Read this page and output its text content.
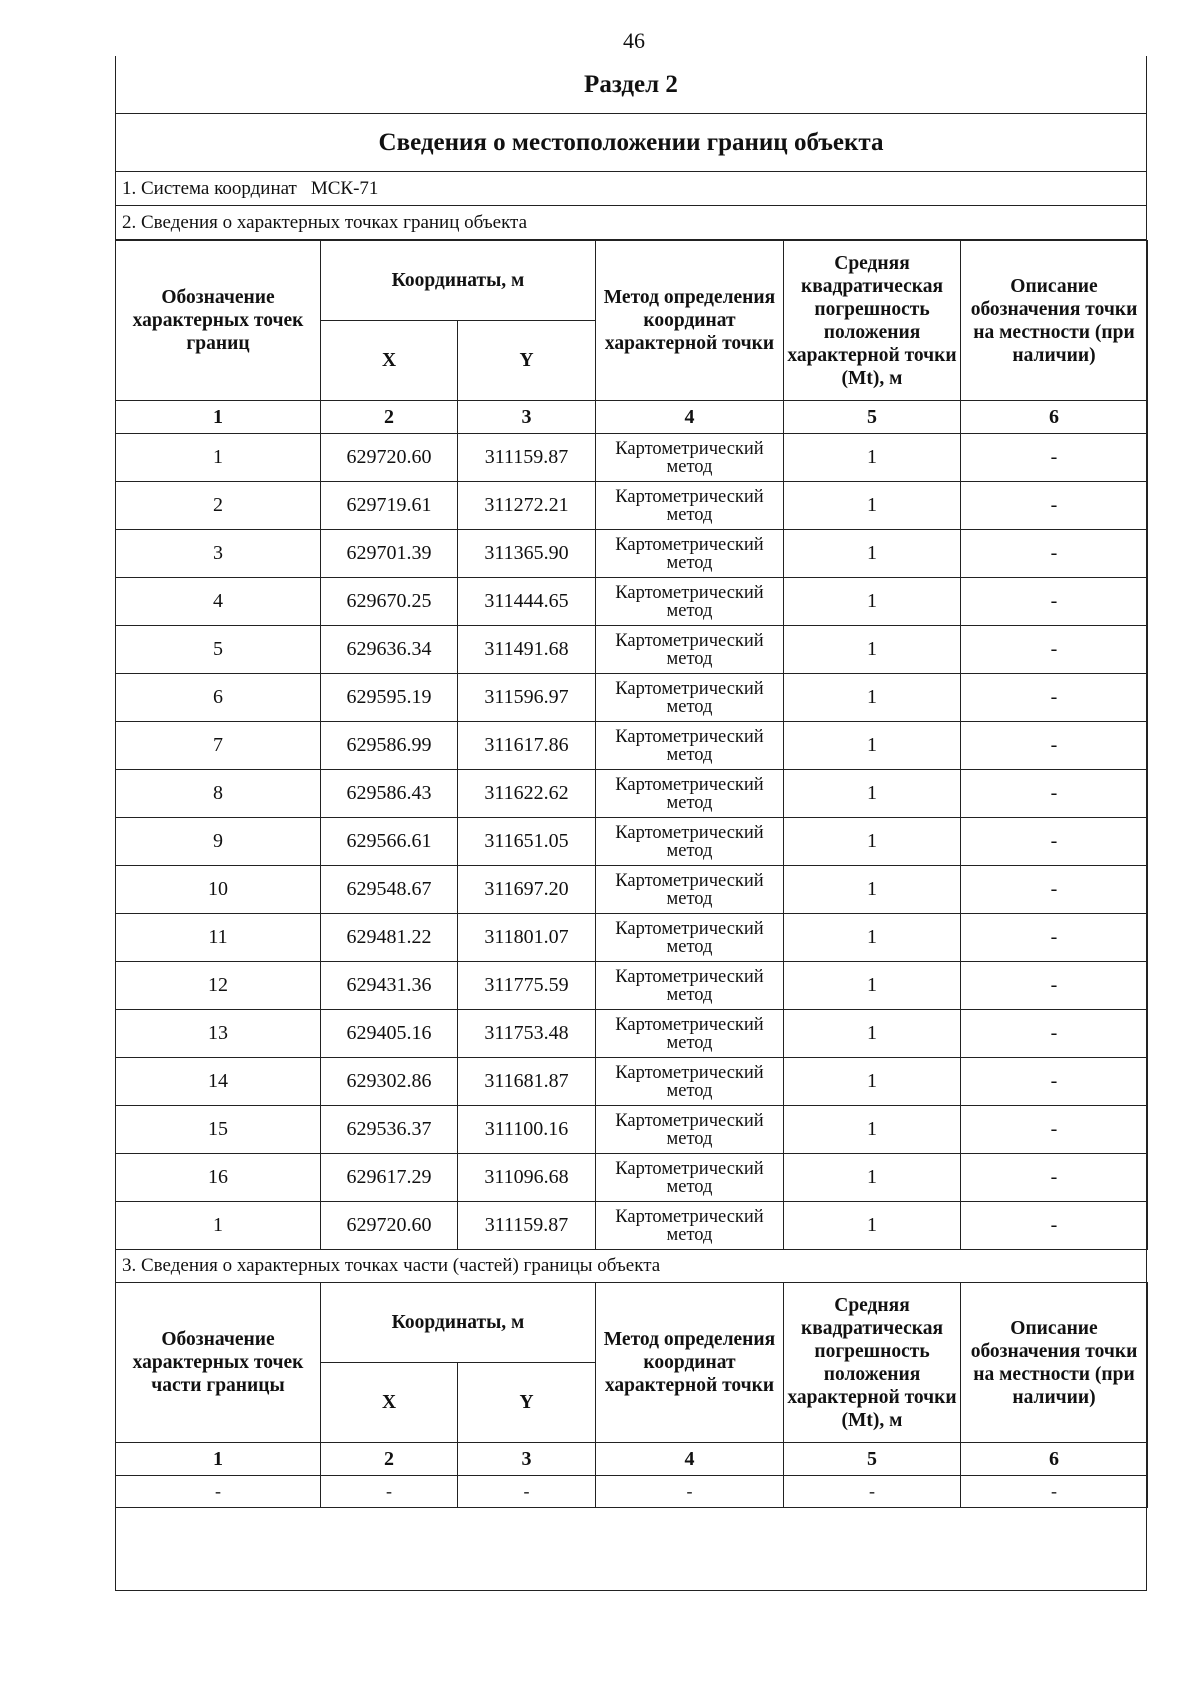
46
Раздел 2
Сведения о местоположении границ объекта
1. Система координат МСК-71
2. Сведения о характерных точках границ объекта
Обозначение характерных точек границ	Координаты, м		Метод определения координат характерной точки	Средняя квадратическая погрешность положения характерной точки (Mt), м	Описание обозначения точки на местности (при наличии)
	X	Y			
1	2	3	4	5	6
1	629720.60	311159.87	Картометрический метод	1	-
2	629719.61	311272.21	Картометрический метод	1	-
3	629701.39	311365.90	Картометрический метод	1	-
4	629670.25	311444.65	Картометрический метод	1	-
5	629636.34	311491.68	Картометрический метод	1	-
6	629595.19	311596.97	Картометрический метод	1	-
7	629586.99	311617.86	Картометрический метод	1	-
8	629586.43	311622.62	Картометрический метод	1	-
9	629566.61	311651.05	Картометрический метод	1	-
10	629548.67	311697.20	Картометрический метод	1	-
11	629481.22	311801.07	Картометрический метод	1	-
12	629431.36	311775.59	Картометрический метод	1	-
13	629405.16	311753.48	Картометрический метод	1	-
14	629302.86	311681.87	Картометрический метод	1	-
15	629536.37	311100.16	Картометрический метод	1	-
16	629617.29	311096.68	Картометрический метод	1	-
1	629720.60	311159.87	Картометрический метод	1	-
3. Сведения о характерных точках части (частей) границы объекта
Обозначение характерных точек части границы	Координаты, м		Метод определения координат характерной точки	Средняя квадратическая погрешность положения характерной точки (Mt), м	Описание обозначения точки на местности (при наличии)
	X	Y			
1	2	3	4	5	6
-	-	-	-	-	-
